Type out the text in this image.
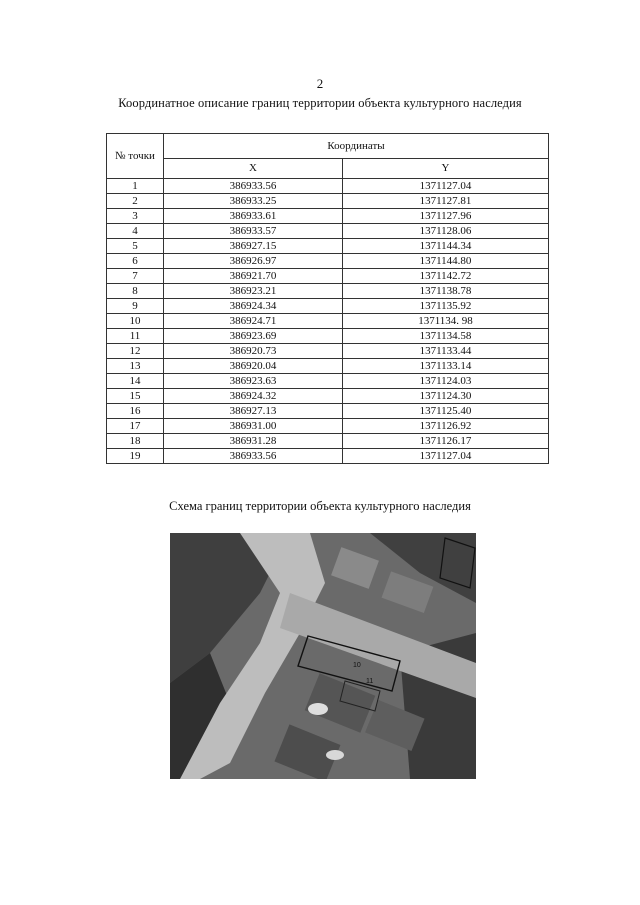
2
Координатное описание границ территории объекта культурного наследия
№ точки	Координаты	
	X	Y
1	386933.56	1371127.04
2	386933.25	1371127.81
3	386933.61	1371127.96
4	386933.57	1371128.06
5	386927.15	1371144.34
6	386926.97	1371144.80
7	386921.70	1371142.72
8	386923.21	1371138.78
9	386924.34	1371135.92
10	386924.71	1371134. 98
11	386923.69	1371134.58
12	386920.73	1371133.44
13	386920.04	1371133.14
14	386923.63	1371124.03
15	386924.32	1371124.30
16	386927.13	1371125.40
17	386931.00	1371126.92
18	386931.28	1371126.17
19	386933.56	1371127.04
Схема границ территории объекта культурного наследия
10
11
